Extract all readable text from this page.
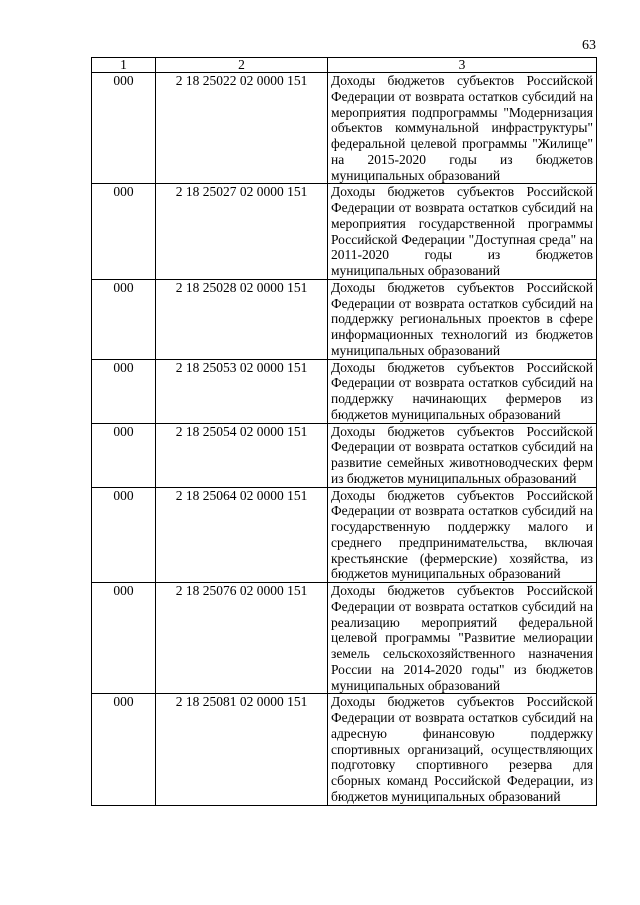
63
1	2	3
000	2 18 25022 02 0000 151	Доходы бюджетов субъектов Российской Федерации от возврата остатков субсидий на мероприятия подпрограммы "Модернизация объектов коммунальной инфраструктуры" федеральной целевой программы "Жилище" на 2015-2020 годы из бюджетов муниципальных образований
000	2 18 25027 02 0000 151	Доходы бюджетов субъектов Российской Федерации от возврата остатков субсидий на мероприятия государственной программы Российской Федерации "Доступная среда" на 2011-2020 годы из бюджетов муниципальных образований
000	2 18 25028 02 0000 151	Доходы бюджетов субъектов Российской Федерации от возврата остатков субсидий на поддержку региональных проектов в сфере информационных технологий из бюджетов муниципальных образований
000	2 18 25053 02 0000 151	Доходы бюджетов субъектов Российской Федерации от возврата остатков субсидий на поддержку начинающих фермеров из бюджетов муниципальных образований
000	2 18 25054 02 0000 151	Доходы бюджетов субъектов Российской Федерации от возврата остатков субсидий на развитие семейных животноводческих ферм из бюджетов муниципальных образований
000	2 18 25064 02 0000 151	Доходы бюджетов субъектов Российской Федерации от возврата остатков субсидий на государственную поддержку малого и среднего предпринимательства, включая крестьянские (фермерские) хозяйства, из бюджетов муниципальных образований
000	2 18 25076 02 0000 151	Доходы бюджетов субъектов Российской Федерации от возврата остатков субсидий на реализацию мероприятий федеральной целевой программы "Развитие мелиорации земель сельскохозяйственного назначения России на 2014-2020 годы" из бюджетов муниципальных образований
000	2 18 25081 02 0000 151	Доходы бюджетов субъектов Российской Федерации от возврата остатков субсидий на адресную финансовую поддержку спортивных организаций, осуществляющих подготовку спортивного резерва для сборных команд Российской Федерации, из бюджетов муниципальных образований
